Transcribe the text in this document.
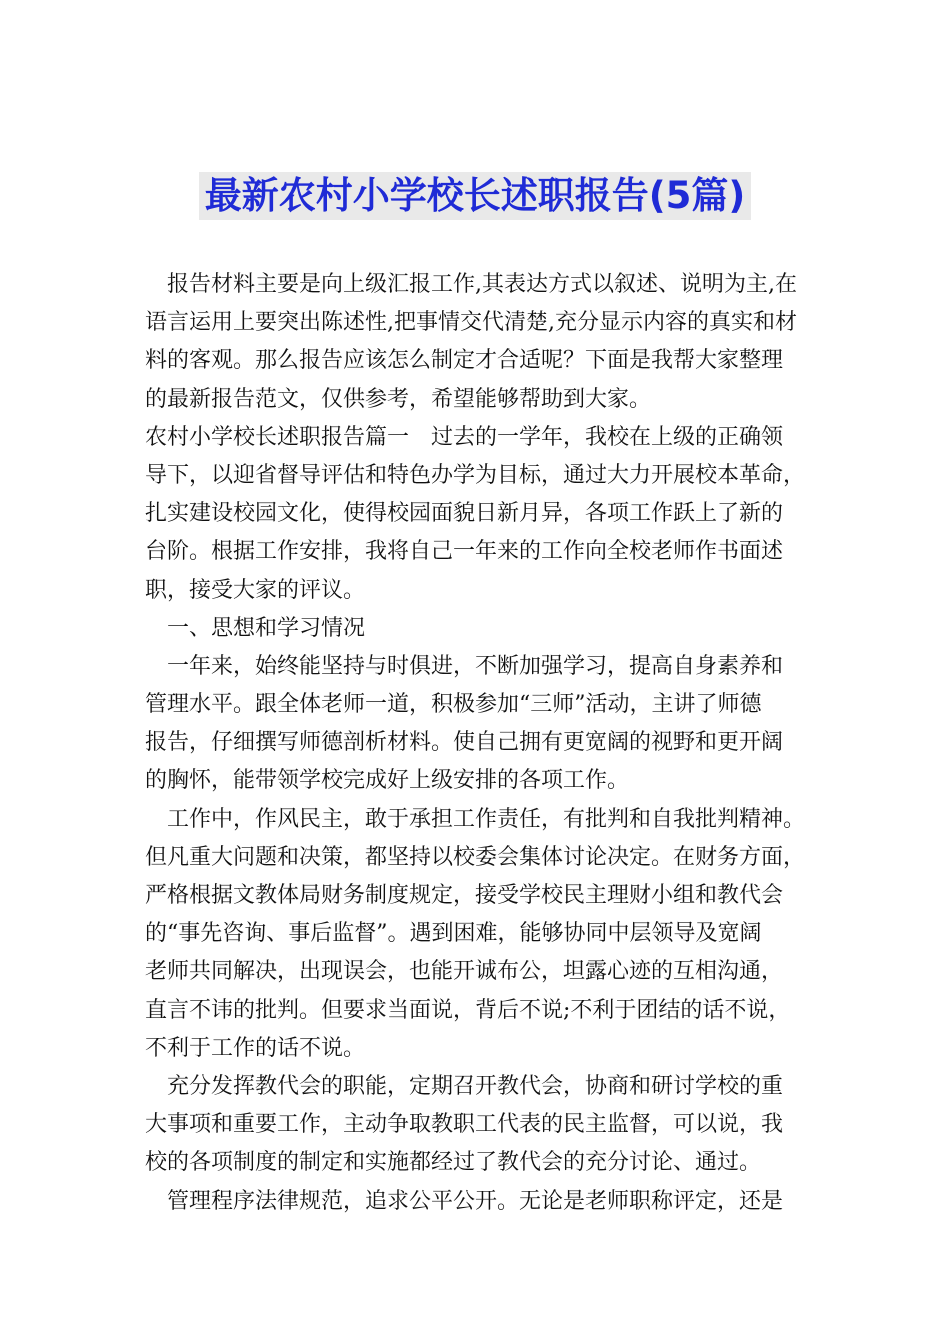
最新农村小学校长述职报告(5篇)
报告材料主要是向上级汇报工作,其表达方式以叙述、说明为主,在
语言运用上要突出陈述性,把事情交代清楚,充分显示内容的真实和材
料的客观。那么报告应该怎么制定才合适呢？下面是我帮大家整理
的最新报告范文，仅供参考，希望能够帮助到大家。
农村小学校长述职报告篇一　过去的一学年，我校在上级的正确领
导下，以迎省督导评估和特色办学为目标，通过大力开展校本革命，
扎实建设校园文化，使得校园面貌日新月异，各项工作跃上了新的
台阶。根据工作安排，我将自己一年来的工作向全校老师作书面述
职，接受大家的评议。
一、思想和学习情况
一年来，始终能坚持与时俱进，不断加强学习，提高自身素养和
管理水平。跟全体老师一道，积极参加“三师”活动，主讲了师德
报告，仔细撰写师德剖析材料。使自己拥有更宽阔的视野和更开阔
的胸怀，能带领学校完成好上级安排的各项工作。
工作中，作风民主，敢于承担工作责任，有批判和自我批判精神。
但凡重大问题和决策，都坚持以校委会集体讨论决定。在财务方面，
严格根据文教体局财务制度规定，接受学校民主理财小组和教代会
的“事先咨询、事后监督”。遇到困难，能够协同中层领导及宽阔
老师共同解决，出现误会，也能开诚布公，坦露心迹的互相沟通，
直言不讳的批判。但要求当面说，背后不说;不利于团结的话不说，
不利于工作的话不说。
充分发挥教代会的职能，定期召开教代会，协商和研讨学校的重
大事项和重要工作，主动争取教职工代表的民主监督，可以说，我
校的各项制度的制定和实施都经过了教代会的充分讨论、通过。
管理程序法律规范，追求公平公开。无论是老师职称评定，还是
